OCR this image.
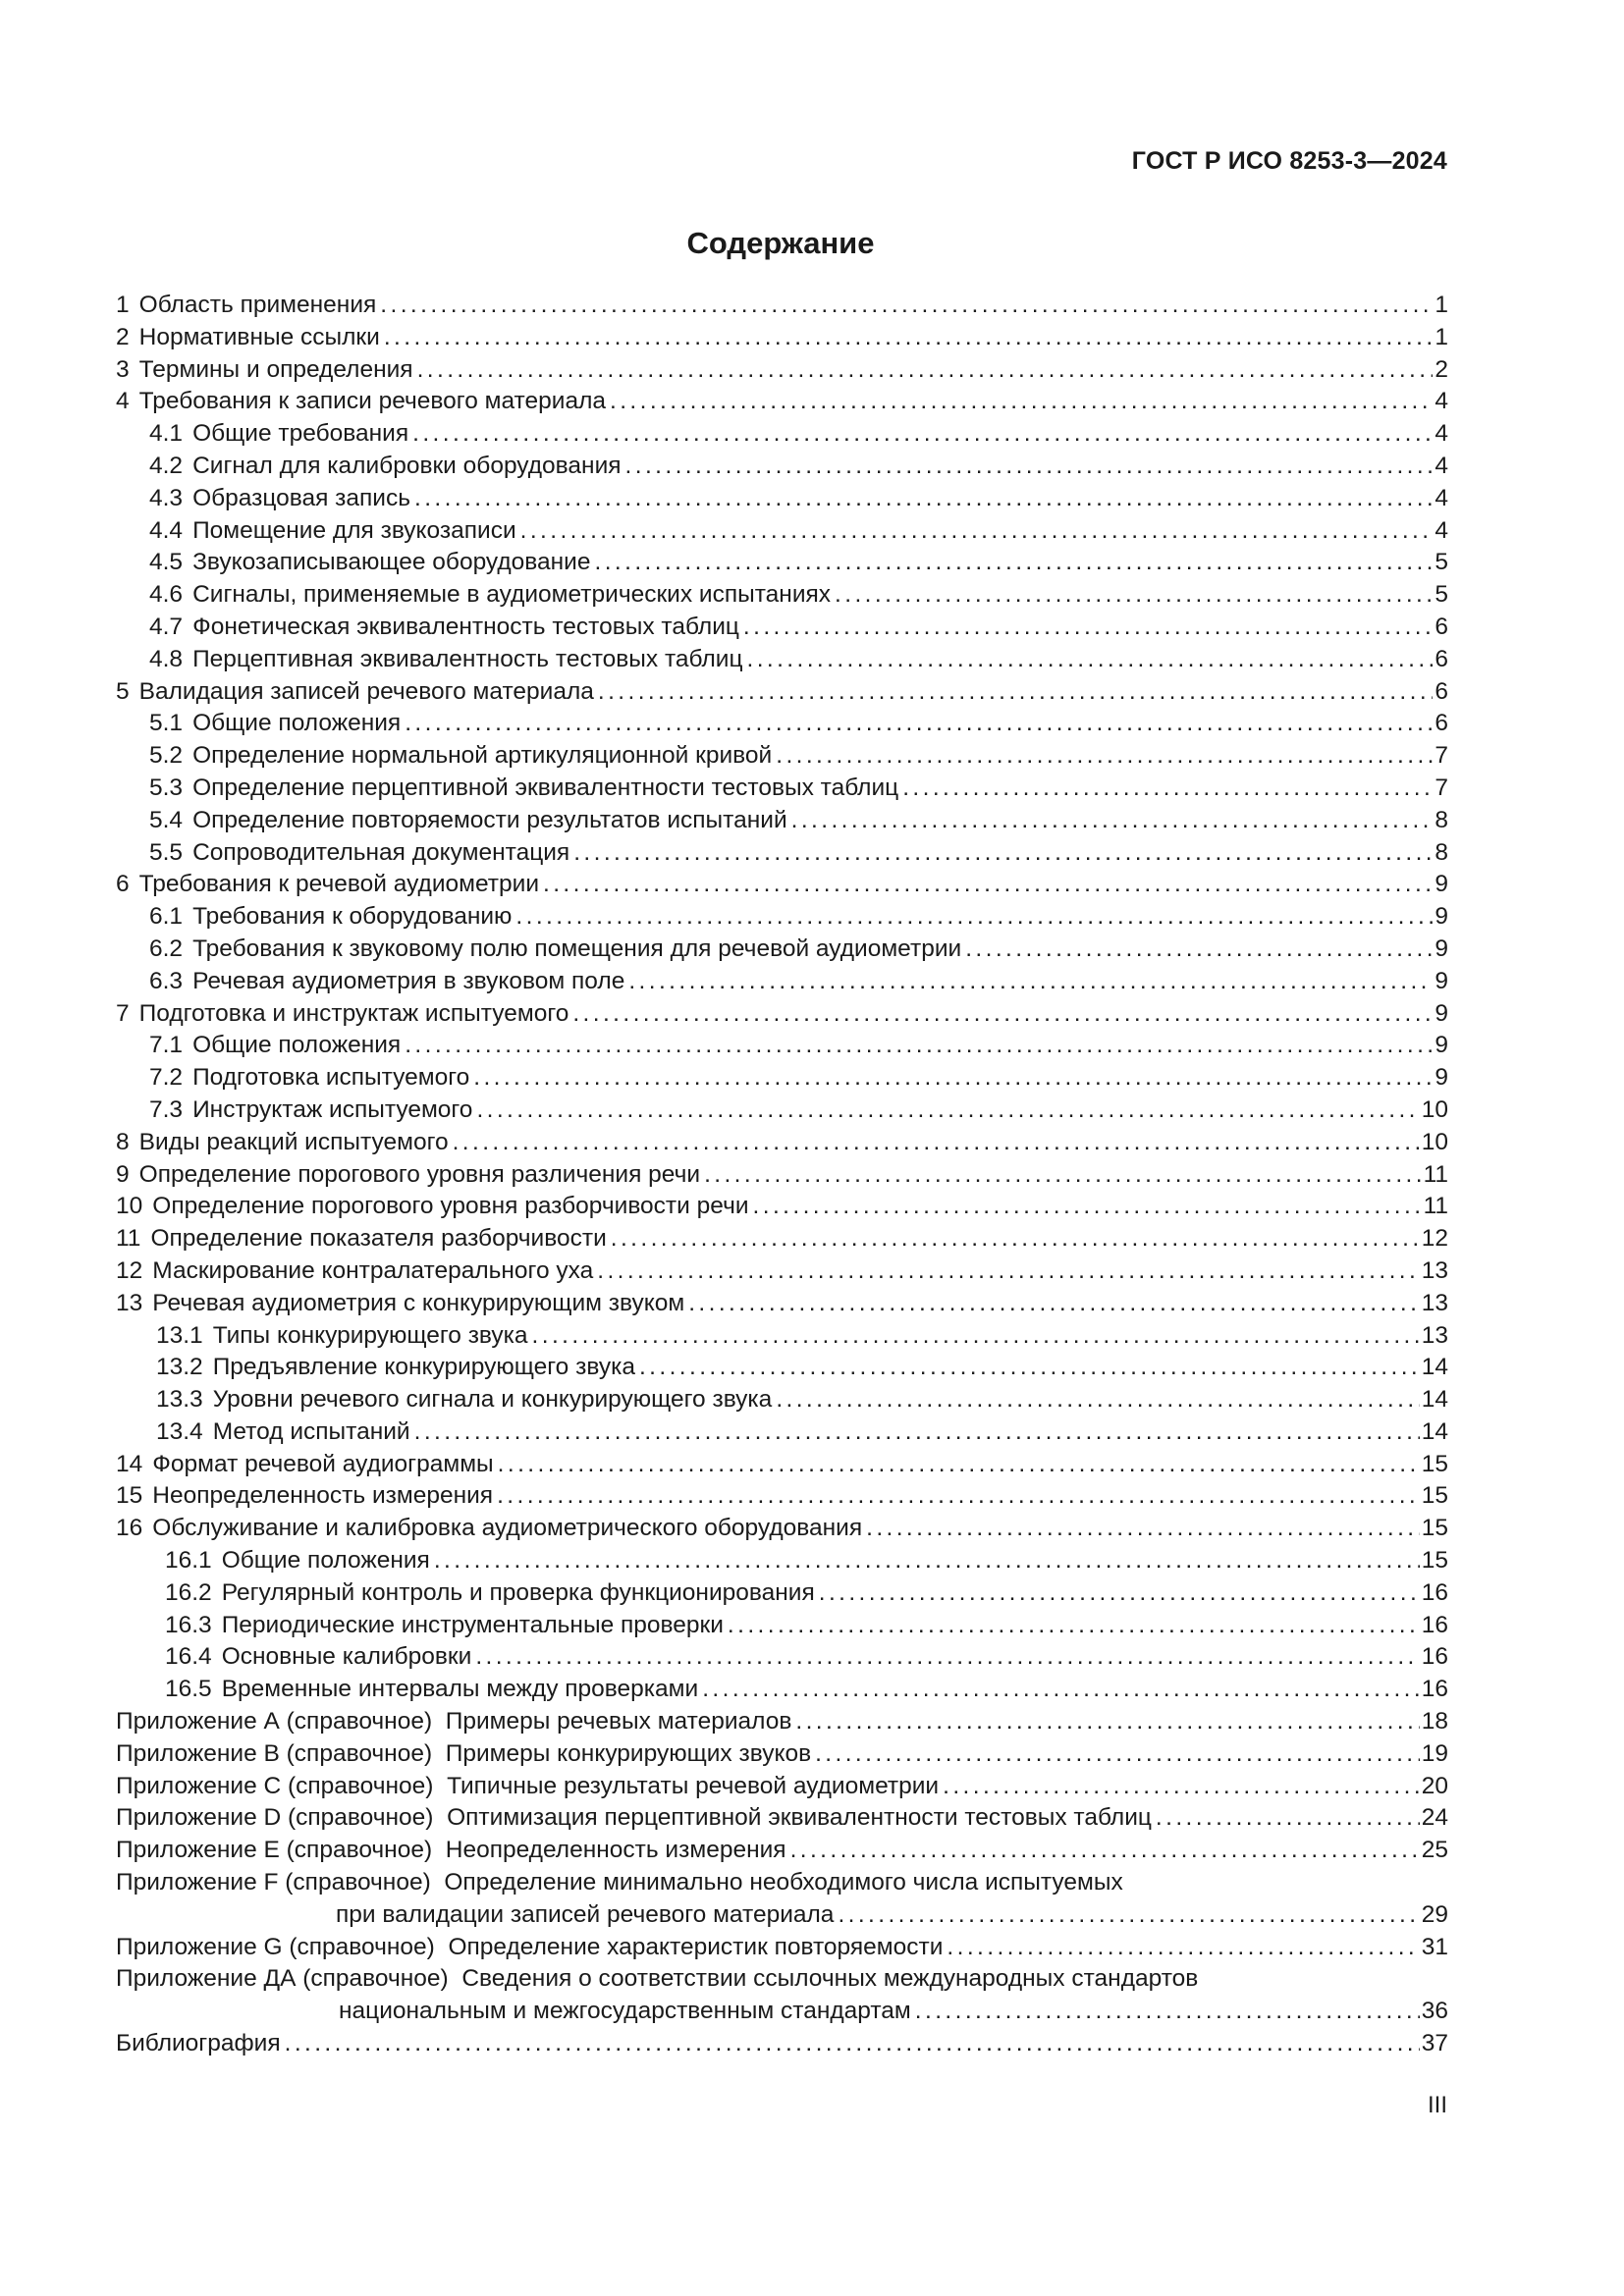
ГОСТ Р ИСО 8253-3—2024
Содержание
1 Область применения .....	1
2 Нормативные ссылки .....	1
3 Термины и определения .....	2
4 Требования к записи речевого материала .....	4
4.1 Общие требования .....	4
4.2 Сигнал для калибровки оборудования .....	4
4.3 Образцовая запись .....	4
4.4 Помещение для звукозаписи .....	4
4.5 Звукозаписывающее оборудование .....	5
4.6 Сигналы, применяемые в аудиометрических испытаниях .....	5
4.7 Фонетическая эквивалентность тестовых таблиц .....	6
4.8 Перцептивная эквивалентность тестовых таблиц .....	6
5 Валидация записей речевого материала .....	6
5.1 Общие положения .....	6
5.2 Определение нормальной артикуляционной кривой .....	7
5.3 Определение перцептивной эквивалентности тестовых таблиц .....	7
5.4 Определение повторяемости результатов испытаний .....	8
5.5 Сопроводительная документация .....	8
6 Требования к речевой аудиометрии .....	9
6.1 Требования к оборудованию .....	9
6.2 Требования к звуковому полю помещения для речевой аудиометрии .....	9
6.3 Речевая аудиометрия в звуковом поле .....	9
7 Подготовка и инструктаж испытуемого .....	9
7.1 Общие положения .....	9
7.2 Подготовка испытуемого .....	9
7.3 Инструктаж испытуемого .....	10
8 Виды реакций испытуемого .....	10
9 Определение порогового уровня различения речи .....	11
10 Определение порогового уровня разборчивости речи .....	11
11 Определение показателя разборчивости .....	12
12 Маскирование контралатерального уха .....	13
13 Речевая аудиометрия с конкурирующим звуком .....	13
13.1 Типы конкурирующего звука .....	13
13.2 Предъявление конкурирующего звука .....	14
13.3 Уровни речевого сигнала и конкурирующего звука .....	14
13.4 Метод испытаний .....	14
14 Формат речевой аудиограммы .....	15
15 Неопределенность измерения .....	15
16 Обслуживание и калибровка аудиометрического оборудования .....	15
16.1 Общие положения .....	15
16.2 Регулярный контроль и проверка функционирования .....	16
16.3 Периодические инструментальные проверки .....	16
16.4 Основные калибровки .....	16
16.5 Временные интервалы между проверками .....	16
Приложение А (справочное) Примеры речевых материалов .....	18
Приложение В (справочное) Примеры конкурирующих звуков .....	19
Приложение С (справочное) Типичные результаты речевой аудиометрии .....	20
Приложение D (справочное) Оптимизация перцептивной эквивалентности тестовых таблиц .....	24
Приложение Е (справочное) Неопределенность измерения .....	25
Приложение F (справочное) Определение минимально необходимого числа испытуемых
при валидации записей речевого материала .....	29
Приложение G (справочное) Определение характеристик повторяемости .....	31
Приложение ДА (справочное) Сведения о соответствии ссылочных международных стандартов
национальным и межгосударственным стандартам .....	36
Библиография .....	37
III
